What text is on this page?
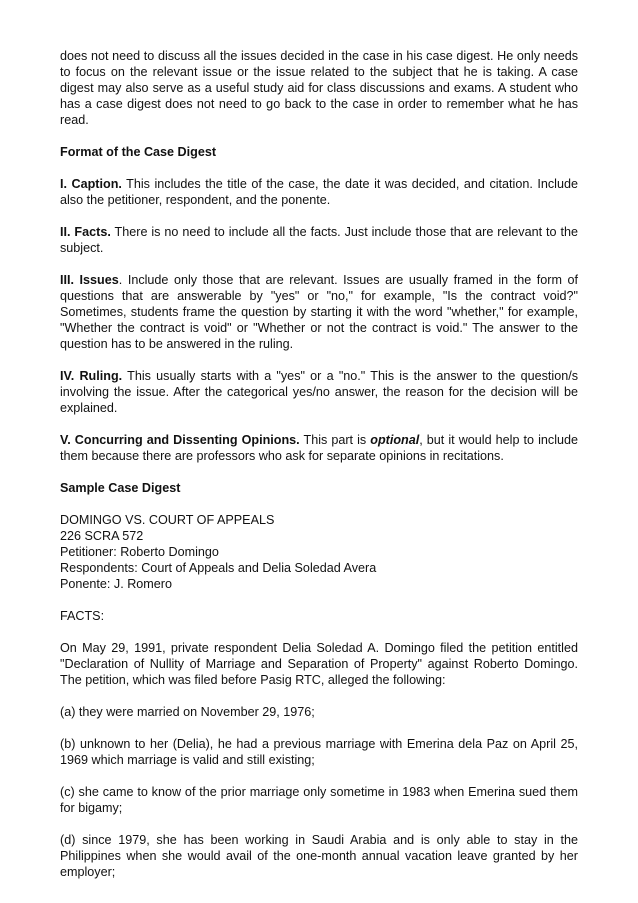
does not need to discuss all the issues decided in the case in his case digest. He only needs to focus on the relevant issue or the issue related to the subject that he is taking. A case digest may also serve as a useful study aid for class discussions and exams. A student who has a case digest does not need to go back to the case in order to remember what he has read.

Format of the Case Digest

I. Caption. This includes the title of the case, the date it was decided, and citation. Include also the petitioner, respondent, and the ponente.

II. Facts. There is no need to include all the facts. Just include those that are relevant to the subject.

III. Issues. Include only those that are relevant. Issues are usually framed in the form of questions that are answerable by "yes" or "no," for example, "Is the contract void?" Sometimes, students frame the question by starting it with the word "whether," for example, "Whether the contract is void" or "Whether or not the contract is void." The answer to the question has to be answered in the ruling.

IV. Ruling. This usually starts with a "yes" or a "no." This is the answer to the question/s involving the issue. After the categorical yes/no answer, the reason for the decision will be explained.

V. Concurring and Dissenting Opinions. This part is optional, but it would help to include them because there are professors who ask for separate opinions in recitations.

Sample Case Digest

DOMINGO VS. COURT OF APPEALS

226 SCRA 572

Petitioner: Roberto Domingo

Respondents: Court of Appeals and Delia Soledad Avera

Ponente: J. Romero

FACTS:

On May 29, 1991, private respondent Delia Soledad A. Domingo filed the petition entitled "Declaration of Nullity of Marriage and Separation of Property" against Roberto Domingo. The petition, which was filed before Pasig RTC, alleged the following:

(a) they were married on November 29, 1976;

(b) unknown to her (Delia), he had a previous marriage with Emerina dela Paz on April 25, 1969 which marriage is valid and still existing;

(c) she came to know of the prior marriage only sometime in 1983 when Emerina sued them for bigamy;

(d) since 1979, she has been working in Saudi Arabia and is only able to stay in the Philippines when she would avail of the one-month annual vacation leave granted by her employer;
